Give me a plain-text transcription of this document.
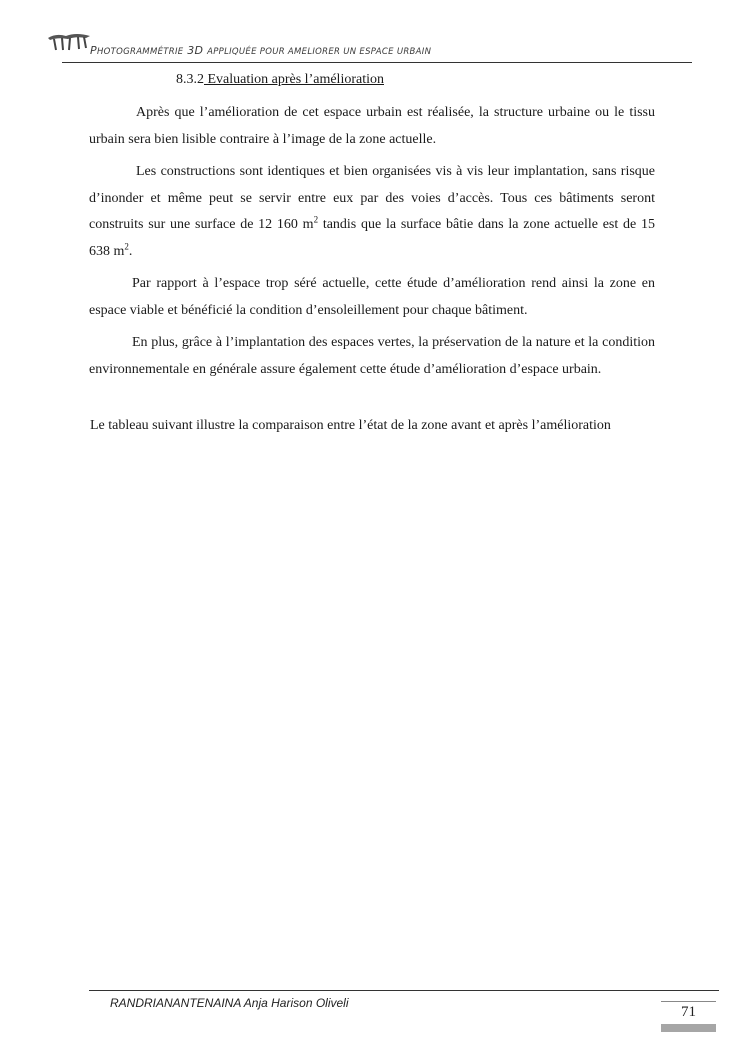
PHOTOGRAMMÉTRIE 3D APPLIQUÉE POUR AMELIORER UN ESPACE URBAIN
8.3.2 Evaluation après l’amélioration

Après que l’amélioration de cet espace urbain est réalisée, la structure urbaine ou le tissu urbain sera bien lisible contraire à l’image de la zone actuelle.

Les constructions sont identiques et bien organisées vis à vis leur implantation, sans risque d’inonder et même peut se servir entre eux par des voies d’accès. Tous ces bâtiments seront construits sur une surface de 12 160 $m^2$ tandis que la surface bâtie dans la zone actuelle est de 15 638 $m^2$.

Par rapport à l’espace trop séré actuelle, cette étude d’amélioration rend ainsi la zone en espace viable et bénéficié la condition d’ensoleillement pour chaque bâtiment.

En plus, grâce à l’implantation des espaces vertes, la préservation de la nature et la condition environnementale en générale assure également cette étude d’amélioration d’espace urbain.

Le tableau suivant illustre la comparaison entre l’état de la zone avant et après l’amélioration

RANDRIANANTENAINA Anja Harison Oliveli
71
